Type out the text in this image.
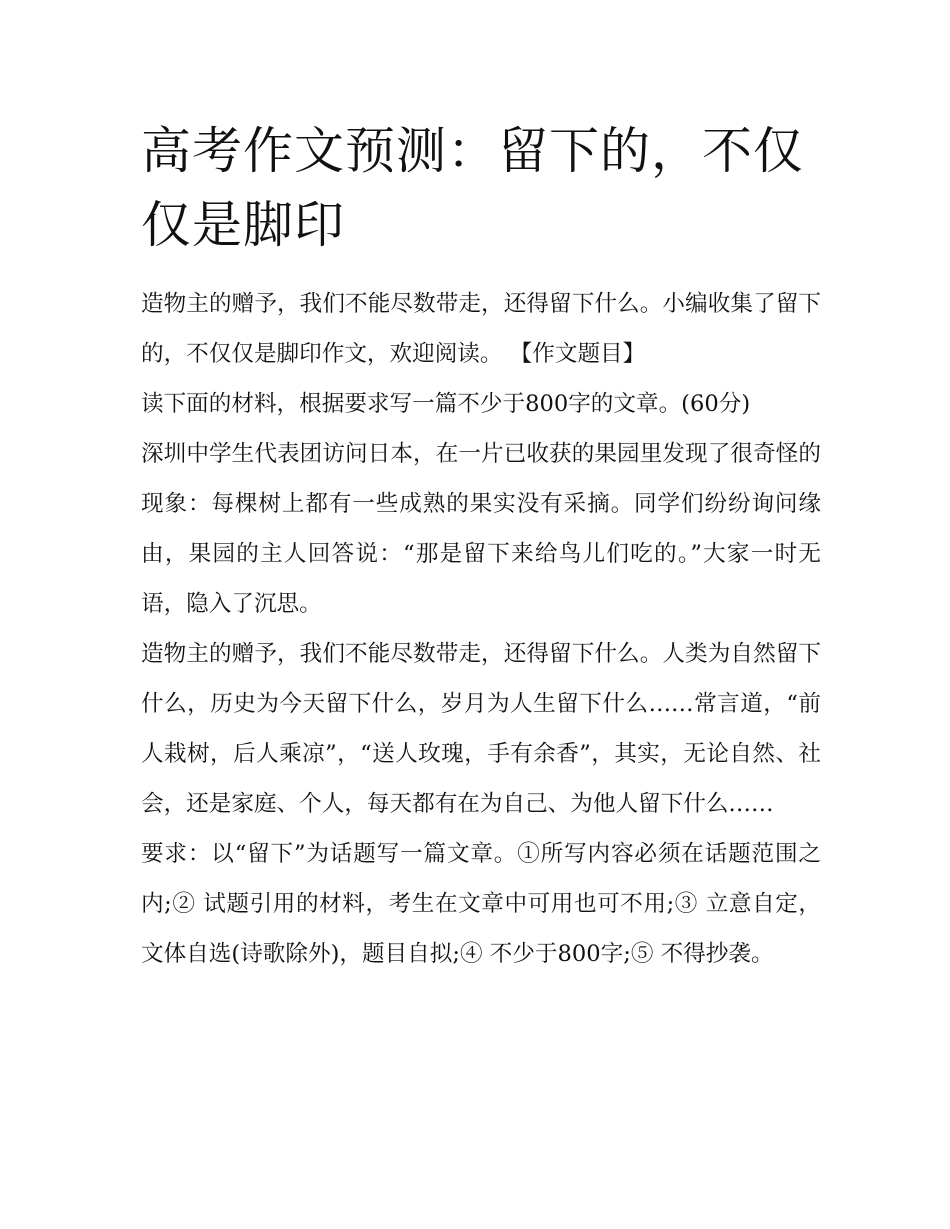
高考作文预测：留下的，不仅仅是脚印

造物主的赠予，我们不能尽数带走，还得留下什么。小编收集了留下的，不仅仅是脚印作文，欢迎阅读。 【作文题目】

读下面的材料，根据要求写一篇不少于800字的文章。(60分)

深圳中学生代表团访问日本，在一片已收获的果园里发现了很奇怪的现象：每棵树上都有一些成熟的果实没有采摘。同学们纷纷询问缘由，果园的主人回答说：“那是留下来给鸟儿们吃的。”大家一时无语，隐入了沉思。

造物主的赠予，我们不能尽数带走，还得留下什么。人类为自然留下什么，历史为今天留下什么，岁月为人生留下什么……常言道，“前人栽树，后人乘凉”，“送人玫瑰，手有余香”，其实，无论自然、社会，还是家庭、个人，每天都有在为自己、为他人留下什么……

要求：以“留下”为话题写一篇文章。①所写内容必须在话题范围之内;② 试题引用的材料，考生在文章中可用也可不用;③ 立意自定，文体自选(诗歌除外)，题目自拟;④ 不少于800字;⑤ 不得抄袭。
